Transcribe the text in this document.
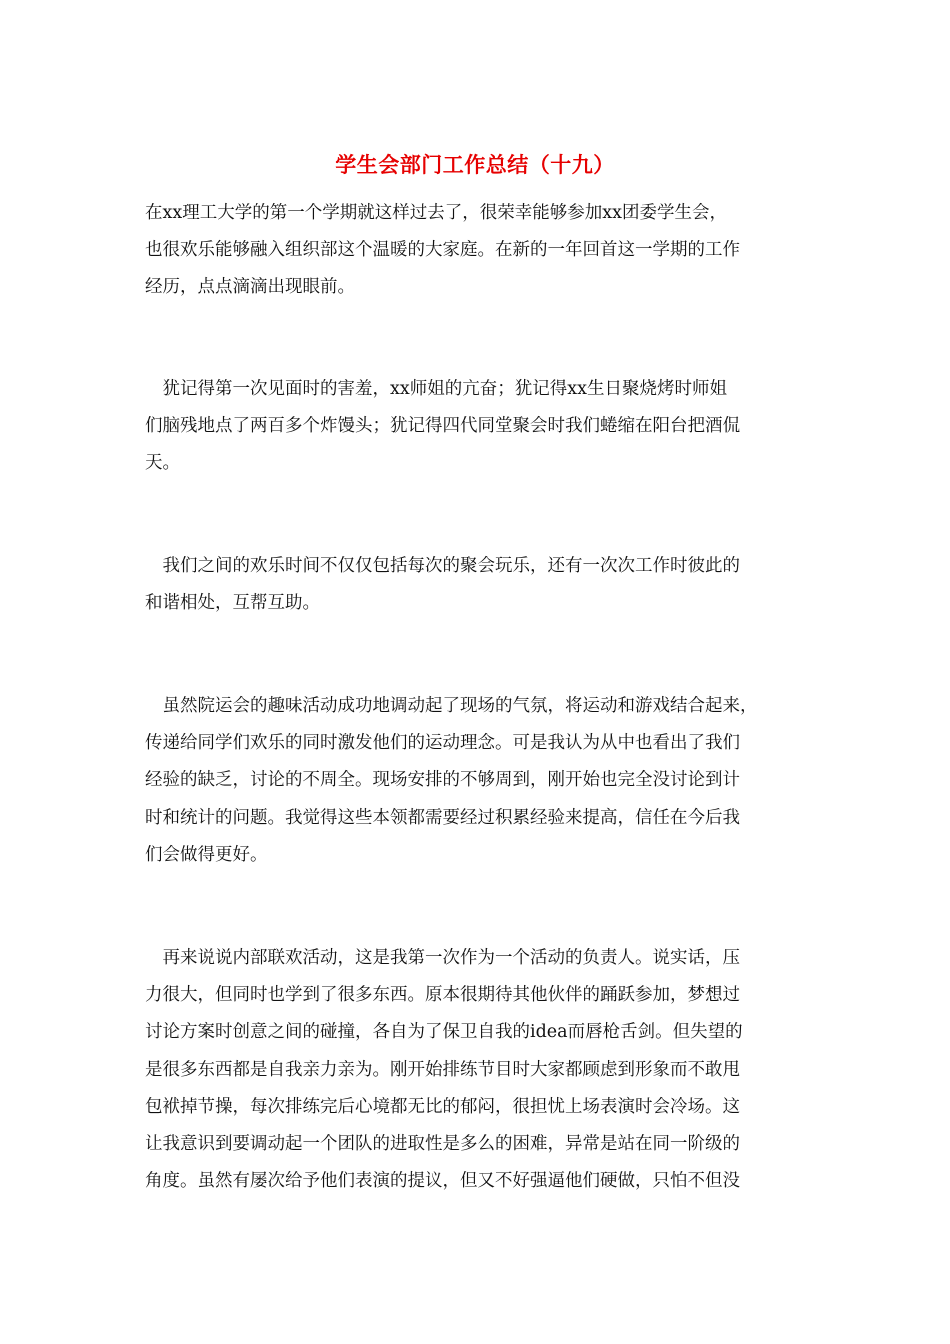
学生会部门工作总结（十九）
在xx理工大学的第一个学期就这样过去了，很荣幸能够参加xx团委学生会，
也很欢乐能够融入组织部这个温暖的大家庭。在新的一年回首这一学期的工作
经历，点点滴滴出现眼前。
　犹记得第一次见面时的害羞，xx师姐的亢奋；犹记得xx生日聚烧烤时师姐
们脑残地点了两百多个炸馒头；犹记得四代同堂聚会时我们蜷缩在阳台把酒侃
天。
　我们之间的欢乐时间不仅仅包括每次的聚会玩乐，还有一次次工作时彼此的
和谐相处，互帮互助。
　虽然院运会的趣味活动成功地调动起了现场的气氛，将运动和游戏结合起来，
传递给同学们欢乐的同时激发他们的运动理念。可是我认为从中也看出了我们
经验的缺乏，讨论的不周全。现场安排的不够周到，刚开始也完全没讨论到计
时和统计的问题。我觉得这些本领都需要经过积累经验来提高，信任在今后我
们会做得更好。
　再来说说内部联欢活动，这是我第一次作为一个活动的负责人。说实话，压
力很大，但同时也学到了很多东西。原本很期待其他伙伴的踊跃参加，梦想过
讨论方案时创意之间的碰撞，各自为了保卫自我的idea而唇枪舌剑。但失望的
是很多东西都是自我亲力亲为。刚开始排练节目时大家都顾虑到形象而不敢甩
包袱掉节操，每次排练完后心境都无比的郁闷，很担忧上场表演时会冷场。这
让我意识到要调动起一个团队的进取性是多么的困难，异常是站在同一阶级的
角度。虽然有屡次给予他们表演的提议，但又不好强逼他们硬做，只怕不但没
